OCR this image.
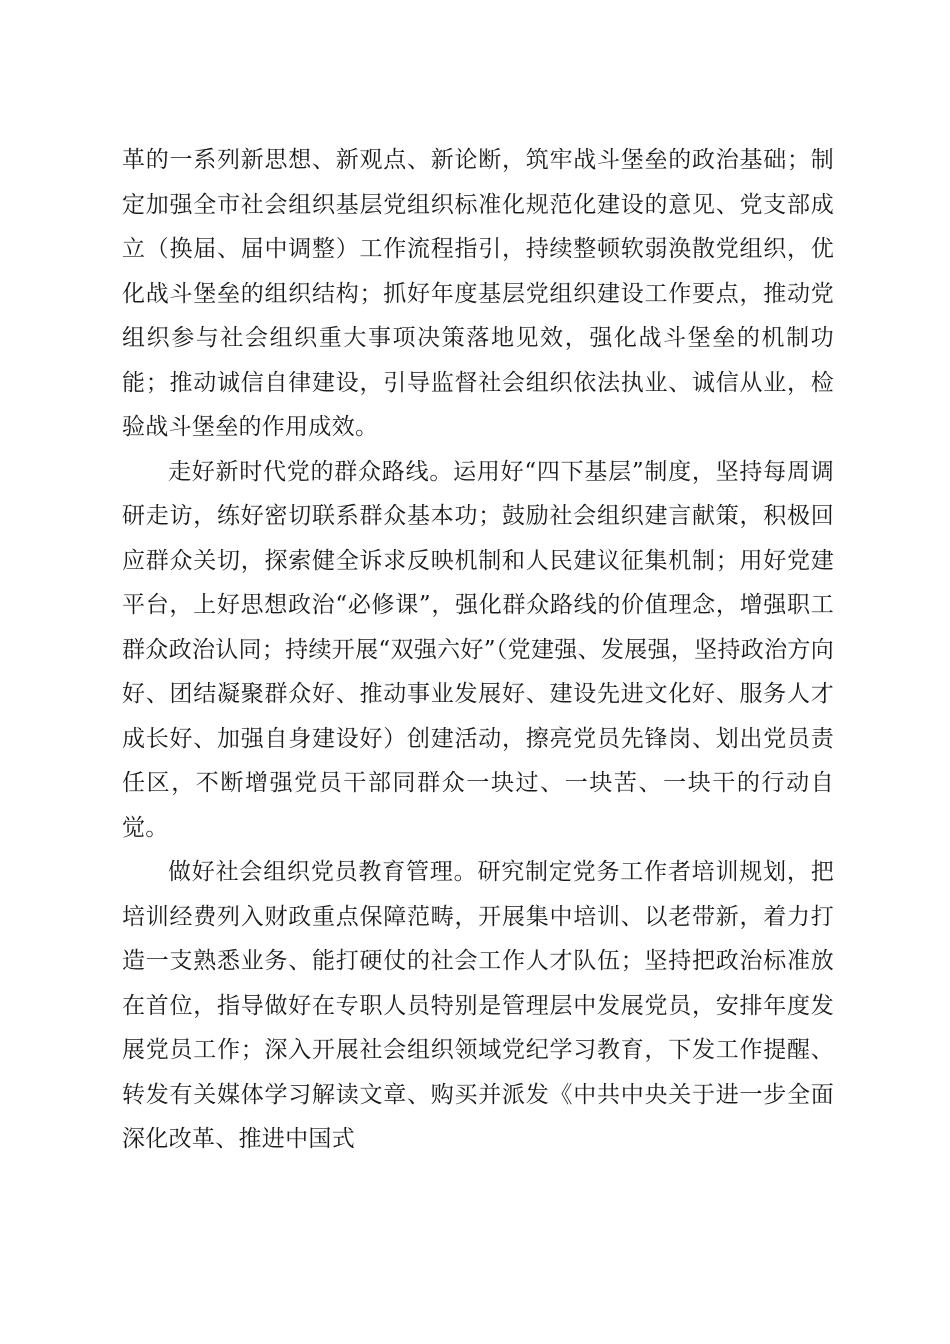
革的一系列新思想、新观点、新论断，筑牢战斗堡垒的政治基础；制定加强全市社会组织基层党组织标准化规范化建设的意见、党支部成立（换届、届中调整）工作流程指引，持续整顿软弱涣散党组织，优化战斗堡垒的组织结构；抓好年度基层党组织建设工作要点，推动党组织参与社会组织重大事项决策落地见效，强化战斗堡垒的机制功能；推动诚信自律建设，引导监督社会组织依法执业、诚信从业，检验战斗堡垒的作用成效。

走好新时代党的群众路线。运用好“四下基层”制度，坚持每周调研走访，练好密切联系群众基本功；鼓励社会组织建言献策，积极回应群众关切，探索健全诉求反映机制和人民建议征集机制；用好党建平台，上好思想政治“必修课”，强化群众路线的价值理念，增强职工群众政治认同；持续开展“双强六好”（党建强、发展强，坚持政治方向好、团结凝聚群众好、推动事业发展好、建设先进文化好、服务人才成长好、加强自身建设好）创建活动，擦亮党员先锋岗、划出党员责任区，不断增强党员干部同群众一块过、一块苦、一块干的行动自觉。

做好社会组织党员教育管理。研究制定党务工作者培训规划，把培训经费列入财政重点保障范畴，开展集中培训、以老带新，着力打造一支熟悉业务、能打硬仗的社会工作人才队伍；坚持把政治标准放在首位，指导做好在专职人员特别是管理层中发展党员，安排年度发展党员工作；深入开展社会组织领域党纪学习教育，下发工作提醒、转发有关媒体学习解读文章、购买并派发《中共中央关于进一步全面深化改革、推进中国式
